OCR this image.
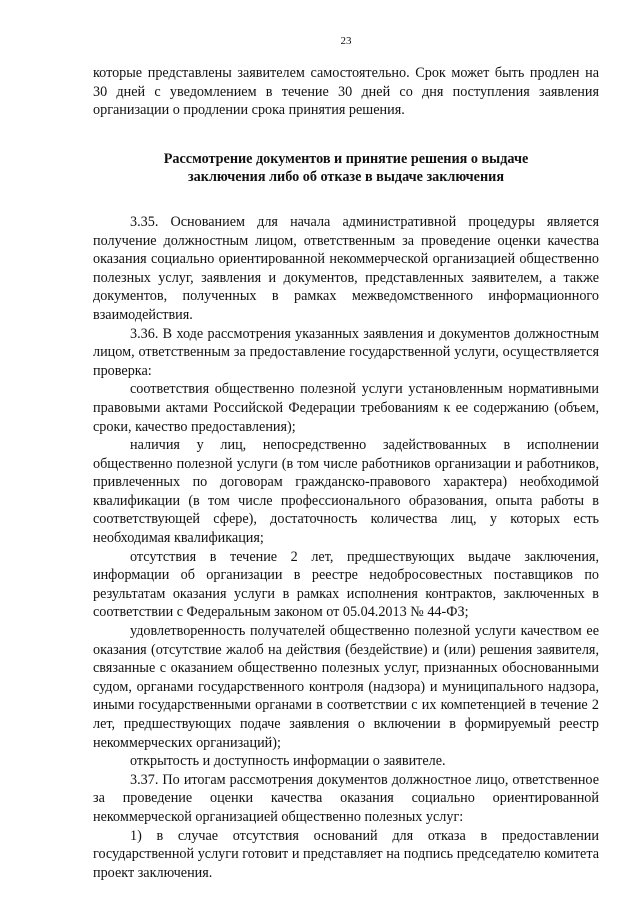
23

которые представлены заявителем самостоятельно. Срок может быть продлен на 30 дней с уведомлением в течение 30 дней со дня поступления заявления организации о продлении срока принятия решения.

Рассмотрение документов и принятие решения о выдаче заключения либо об отказе в выдаче заключения

3.35. Основанием для начала административной процедуры является получение должностным лицом, ответственным за проведение оценки качества оказания социально ориентированной некоммерческой организацией общественно полезных услуг, заявления и документов, представленных заявителем, а также документов, полученных в рамках межведомственного информационного взаимодействия.

3.36. В ходе рассмотрения указанных заявления и документов должностным лицом, ответственным за предоставление государственной услуги, осуществляется проверка:

соответствия общественно полезной услуги установленным нормативными правовыми актами Российской Федерации требованиям к ее содержанию (объем, сроки, качество предоставления);

наличия у лиц, непосредственно задействованных в исполнении общественно полезной услуги (в том числе работников организации и работников, привлеченных по договорам гражданско-правового характера) необходимой квалификации (в том числе профессионального образования, опыта работы в соответствующей сфере), достаточность количества лиц, у которых есть необходимая квалификация;

отсутствия в течение 2 лет, предшествующих выдаче заключения, информации об организации в реестре недобросовестных поставщиков по результатам оказания услуги в рамках исполнения контрактов, заключенных в соответствии с Федеральным законом от 05.04.2013 № 44-ФЗ;

удовлетворенность получателей общественно полезной услуги качеством ее оказания (отсутствие жалоб на действия (бездействие) и (или) решения заявителя, связанные с оказанием общественно полезных услуг, признанных обоснованными судом, органами государственного контроля (надзора) и муниципального надзора, иными государственными органами в соответствии с их компетенцией в течение 2 лет, предшествующих подаче заявления о включении в формируемый реестр некоммерческих организаций);

открытость и доступность информации о заявителе.

3.37. По итогам рассмотрения документов должностное лицо, ответственное за проведение оценки качества оказания социально ориентированной некоммерческой организацией общественно полезных услуг:

1) в случае отсутствия оснований для отказа в предоставлении государственной услуги готовит и представляет на подпись председателю комитета проект заключения.
